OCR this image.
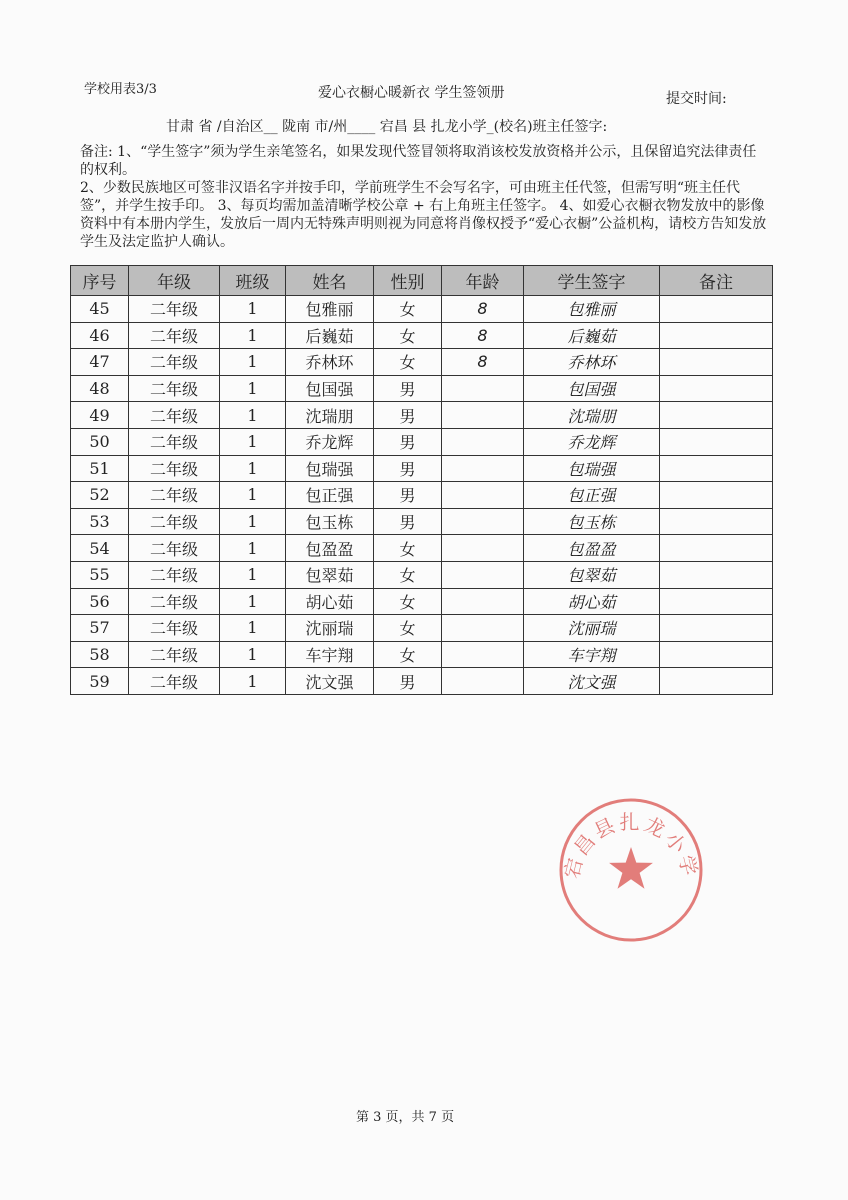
学校用表3/3	爱心衣橱心暖新衣 学生签领册	提交时间:
甘肃 省 /自治区__ 陇南 市/州____ 宕昌 县 扎龙小学_(校名)班主任签字:

备注: 1、“学生签字”须为学生亲笔签名，如果发现代签冒领将取消该校发放资格并公示，且保留追究法律责任的权利。

2、少数民族地区可签非汉语名字并按手印，学前班学生不会写名字，可由班主任代签，但需写明“班主任代签”，并学生按手印。 3、每页均需加盖清晰学校公章 + 右上角班主任签字。 4、如爱心衣橱衣物发放中的影像资料中有本册内学生，发放后一周内无特殊声明则视为同意将肖像权授予“爱心衣橱”公益机构，请校方告知发放学生及法定监护人确认。

序号	年级	班级	姓名	性别	年龄	学生签字	备注
45	二年级	1	包雅丽	女	8	包雅丽	
46	二年级	1	后巍茹	女	8	后巍茹	
47	二年级	1	乔林环	女	8	乔林环	
48	二年级	1	包国强	男		包国强	
49	二年级	1	沈瑞朋	男		沈瑞朋	
50	二年级	1	乔龙辉	男		乔龙辉	
51	二年级	1	包瑞强	男		包瑞强	
52	二年级	1	包正强	男		包正强	
53	二年级	1	包玉栋	男		包玉栋	
54	二年级	1	包盈盈	女		包盈盈	
55	二年级	1	包翠茹	女		包翠茹	
56	二年级	1	胡心茹	女		胡心茹	
57	二年级	1	沈丽瑞	女		沈丽瑞	
58	二年级	1	车宇翔	女		车宇翔	
59	二年级	1	沈文强	男		沈文强	
宕昌县扎龙小学
第 3 页，共 7 页
